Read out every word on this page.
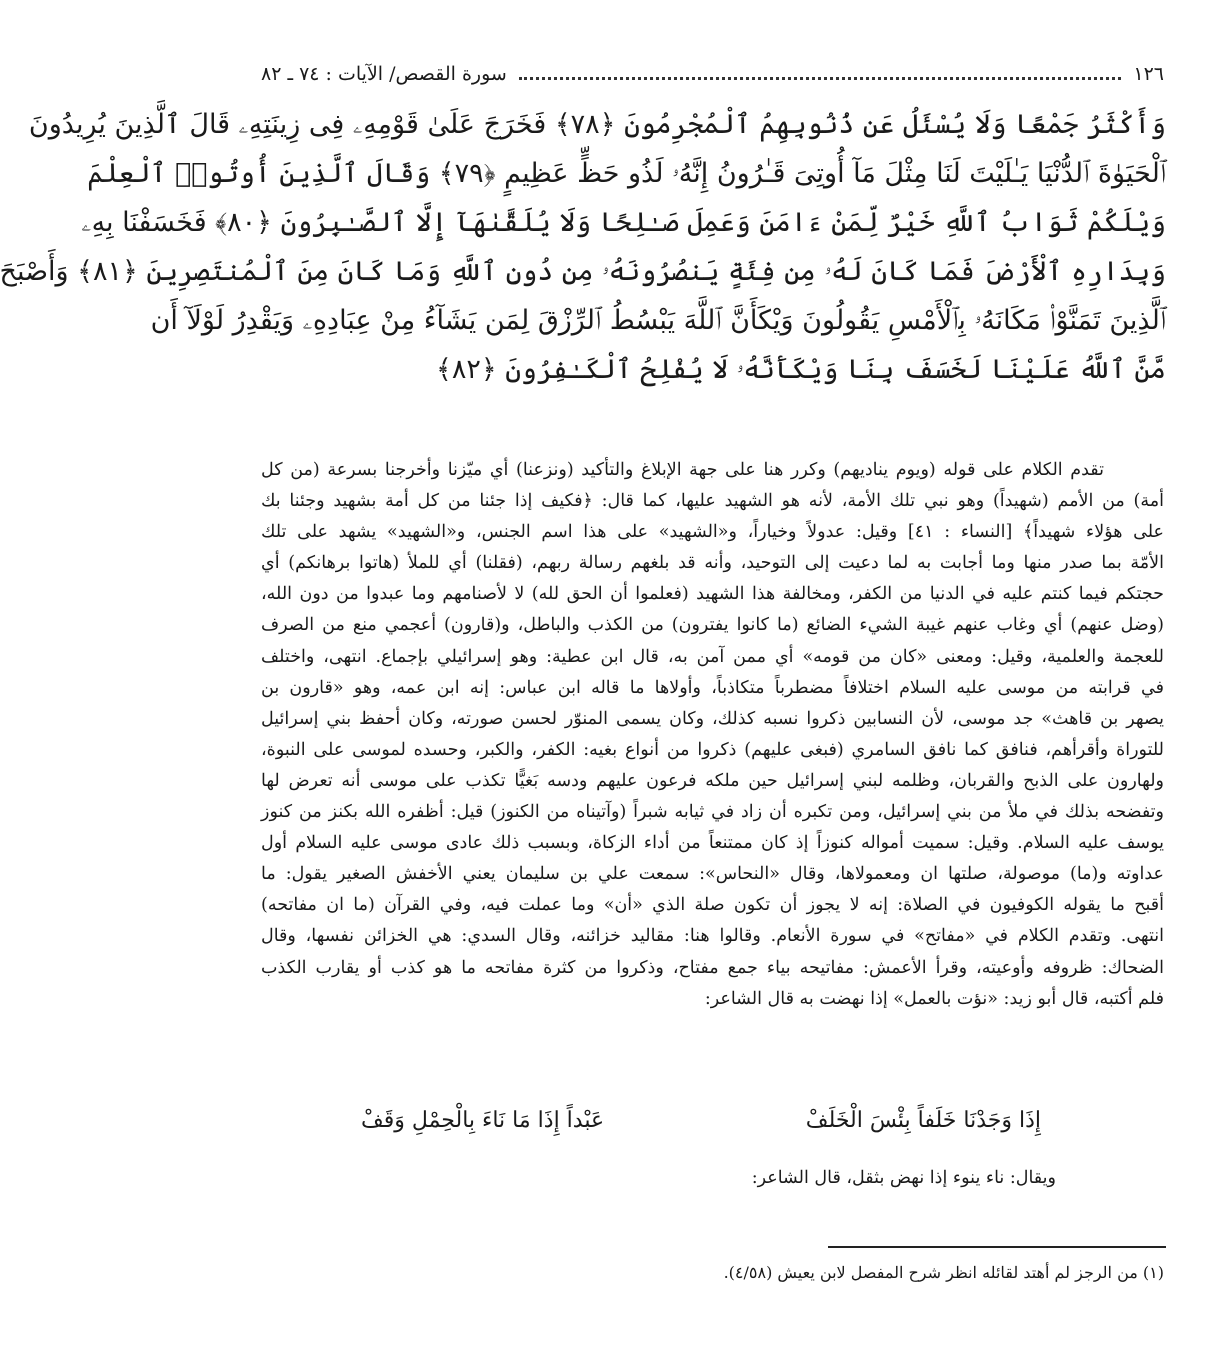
١٢٦
سورة القصص/ الآيات : ٧٤ ـ ٨٢
وَأَكْثَرُ جَمْعًا وَلَا يُسْئَلُ عَن ذُنُوبِهِمُ ٱلْمُجْرِمُونَ ﴿٧٨﴾ فَخَرَجَ عَلَىٰ قَوْمِهِۦ فِى زِينَتِهِۦ قَالَ ٱلَّذِينَ يُرِيدُونَ
ٱلْحَيَوٰةَ ٱلدُّنْيَا يَـٰلَيْتَ لَنَا مِثْلَ مَآ أُوتِىَ قَـٰرُونُ إِنَّهُۥ لَذُو حَظٍّ عَظِيمٍ ﴿٧٩﴾ وَقَالَ ٱلَّذِينَ أُوتُوا۟ ٱلْعِلْمَ
وَيْلَكُمْ ثَوَابُ ٱللَّهِ خَيْرٌ لِّمَنْ ءَامَنَ وَعَمِلَ صَـٰلِحًا وَلَا يُلَقَّىٰهَآ إِلَّا ٱلصَّـٰبِرُونَ ﴿٨٠﴾ فَخَسَفْنَا بِهِۦ
وَبِدَارِهِ ٱلْأَرْضَ فَمَا كَانَ لَهُۥ مِن فِئَةٍ يَنصُرُونَهُۥ مِن دُونِ ٱللَّهِ وَمَا كَانَ مِنَ ٱلْمُنتَصِرِينَ ﴿٨١﴾ وَأَصْبَحَ
ٱلَّذِينَ تَمَنَّوْا۟ مَكَانَهُۥ بِٱلْأَمْسِ يَقُولُونَ وَيْكَأَنَّ ٱللَّهَ يَبْسُطُ ٱلرِّزْقَ لِمَن يَشَآءُ مِنْ عِبَادِهِۦ وَيَقْدِرُ لَوْلَآ أَن
مَّنَّ ٱللَّهُ عَلَيْنَا لَخَسَفَ بِنَا وَيْكَأَنَّهُۥ لَا يُفْلِحُ ٱلْكَـٰفِرُونَ ﴿٨٢﴾
تقدم الكلام على قوله (ويوم يناديهم) وكرر هنا على جهة الإبلاغ والتأكيد (ونزعنا) أي ميّزنا وأخرجنا بسرعة (من كل
أمة) من الأمم (شهيداً) وهو نبي تلك الأمة، لأنه هو الشهيد عليها، كما قال: ﴿فكيف إذا جئنا من كل أمة بشهيد وجئنا بك
على هؤلاء شهيداً﴾ [النساء : ٤١] وقيل: عدولاً وخياراً، و«الشهيد» على هذا اسم الجنس، و«الشهيد» يشهد على تلك
الأمّة بما صدر منها وما أجابت به لما دعيت إلى التوحيد، وأنه قد بلغهم رسالة ربهم، (فقلنا) أي للملأ (هاتوا برهانكم) أي
حجتكم فيما كنتم عليه في الدنيا من الكفر، ومخالفة هذا الشهيد (فعلموا أن الحق لله) لا لأصنامهم وما عبدوا من دون الله،
(وضل عنهم) أي وغاب عنهم غيبة الشيء الضائع (ما كانوا يفترون) من الكذب والباطل، و(قارون) أعجمي منع من الصرف
للعجمة والعلمية، وقيل: ومعنى «كان من قومه» أي ممن آمن به، قال ابن عطية: وهو إسرائيلي بإجماع. انتهى، واختلف
في قرابته من موسى عليه السلام اختلافاً مضطرباً متكاذباً، وأولاها ما قاله ابن عباس: إنه ابن عمه، وهو «قارون بن
يصهر بن قاهث» جد موسى، لأن النسابين ذكروا نسبه كذلك، وكان يسمى المنوّر لحسن صورته، وكان أحفظ بني إسرائيل
للتوراة وأقرأهم، فنافق كما نافق السامري (فبغى عليهم) ذكروا من أنواع بغيه: الكفر، والكبر، وحسده لموسى على النبوة،
ولهارون على الذبح والقربان، وظلمه لبني إسرائيل حين ملكه فرعون عليهم ودسه بَغيًّا تكذب على موسى أنه تعرض لها
وتفضحه بذلك في ملأ من بني إسرائيل، ومن تكبره أن زاد في ثيابه شبراً (وآتيناه من الكنوز) قيل: أظفره الله بكنز من كنوز
يوسف عليه السلام. وقيل: سميت أمواله كنوزاً إذ كان ممتنعاً من أداء الزكاة، وبسبب ذلك عادى موسى عليه السلام أول
عداوته و(ما) موصولة، صلتها ان ومعمولاها، وقال «النحاس»: سمعت علي بن سليمان يعني الأخفش الصغير يقول: ما
أقبح ما يقوله الكوفيون في الصلاة: إنه لا يجوز أن تكون صلة الذي «أن» وما عملت فيه، وفي القرآن (ما ان مفاتحه)
انتهى. وتقدم الكلام في «مفاتح» في سورة الأنعام. وقالوا هنا: مقاليد خزائنه، وقال السدي: هي الخزائن نفسها، وقال
الضحاك: ظروفه وأوعيته، وقرأ الأعمش: مفاتيحه بياء جمع مفتاح، وذكروا من كثرة مفاتحه ما هو كذب أو يقارب الكذب
فلم أكتبه، قال أبو زيد: «نؤت بالعمل» إذا نهضت به قال الشاعر:
إِذَا وَجَدْنَا خَلَفاً بِئْسَ الْخَلَفْ
عَبْداً إِذَا مَا نَاءَ بِالْحِمْلِ وَقَفْ
ويقال: ناء ينوء إذا نهض بثقل، قال الشاعر:
(١) من الرجز لم أهتد لقائله انظر شرح المفصل لابن يعيش (٤/٥٨).
